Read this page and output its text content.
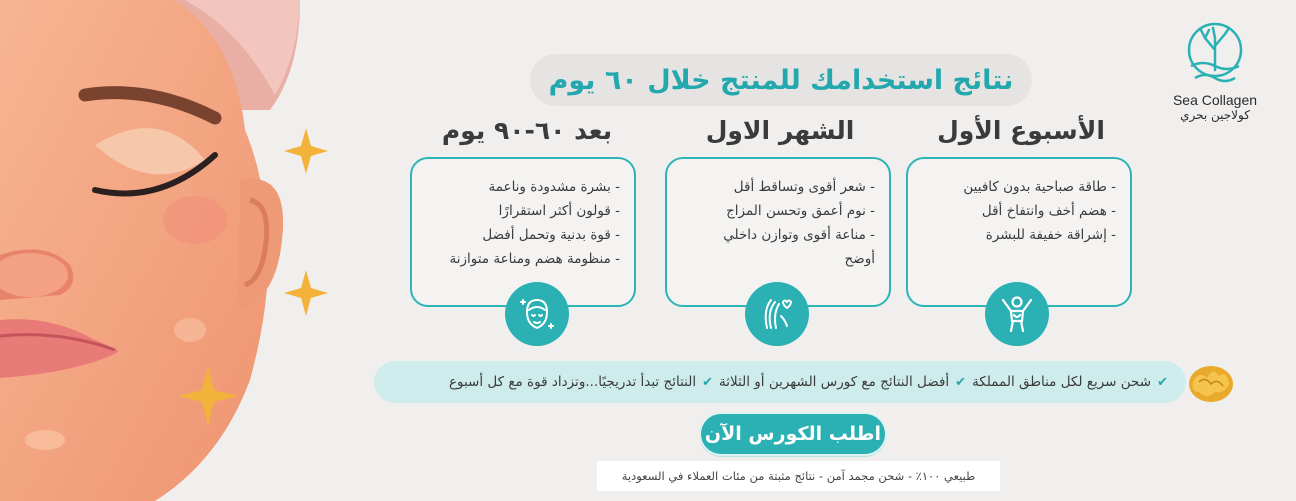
Sea Collagen
كولاجين بحري
نتائج استخدامك للمنتج خلال ٦٠ يوم
الأسبوع الأول
الشهر الاول
بعد ٦٠-٩٠ يوم
- طاقة صباحية بدون كافيين
- هضم أخف وانتفاخ أقل
- إشراقة خفيفة للبشرة
- شعر أقوى وتساقط أقل
- نوم أعمق وتحسن المزاج
- مناعة أقوى وتوازن داخلي
أوضح
- بشرة مشدودة وناعمة
- قولون أكثر استقرارًا
- قوة بدنية وتحمل أفضل
- منظومة هضم ومناعة متوازنة
✔
شحن سريع لكل مناطق المملكة
✔
أفضل النتائج مع كورس الشهرين أو الثلاثة
✔
النتائج تبدأ تدريجيًا...وتزداد قوة مع كل أسبوع
اطلب الكورس الآن
طبيعي ١٠٠٪ - شحن مجمد آمن - نتائج مثبتة من مئات العملاء في السعودية
